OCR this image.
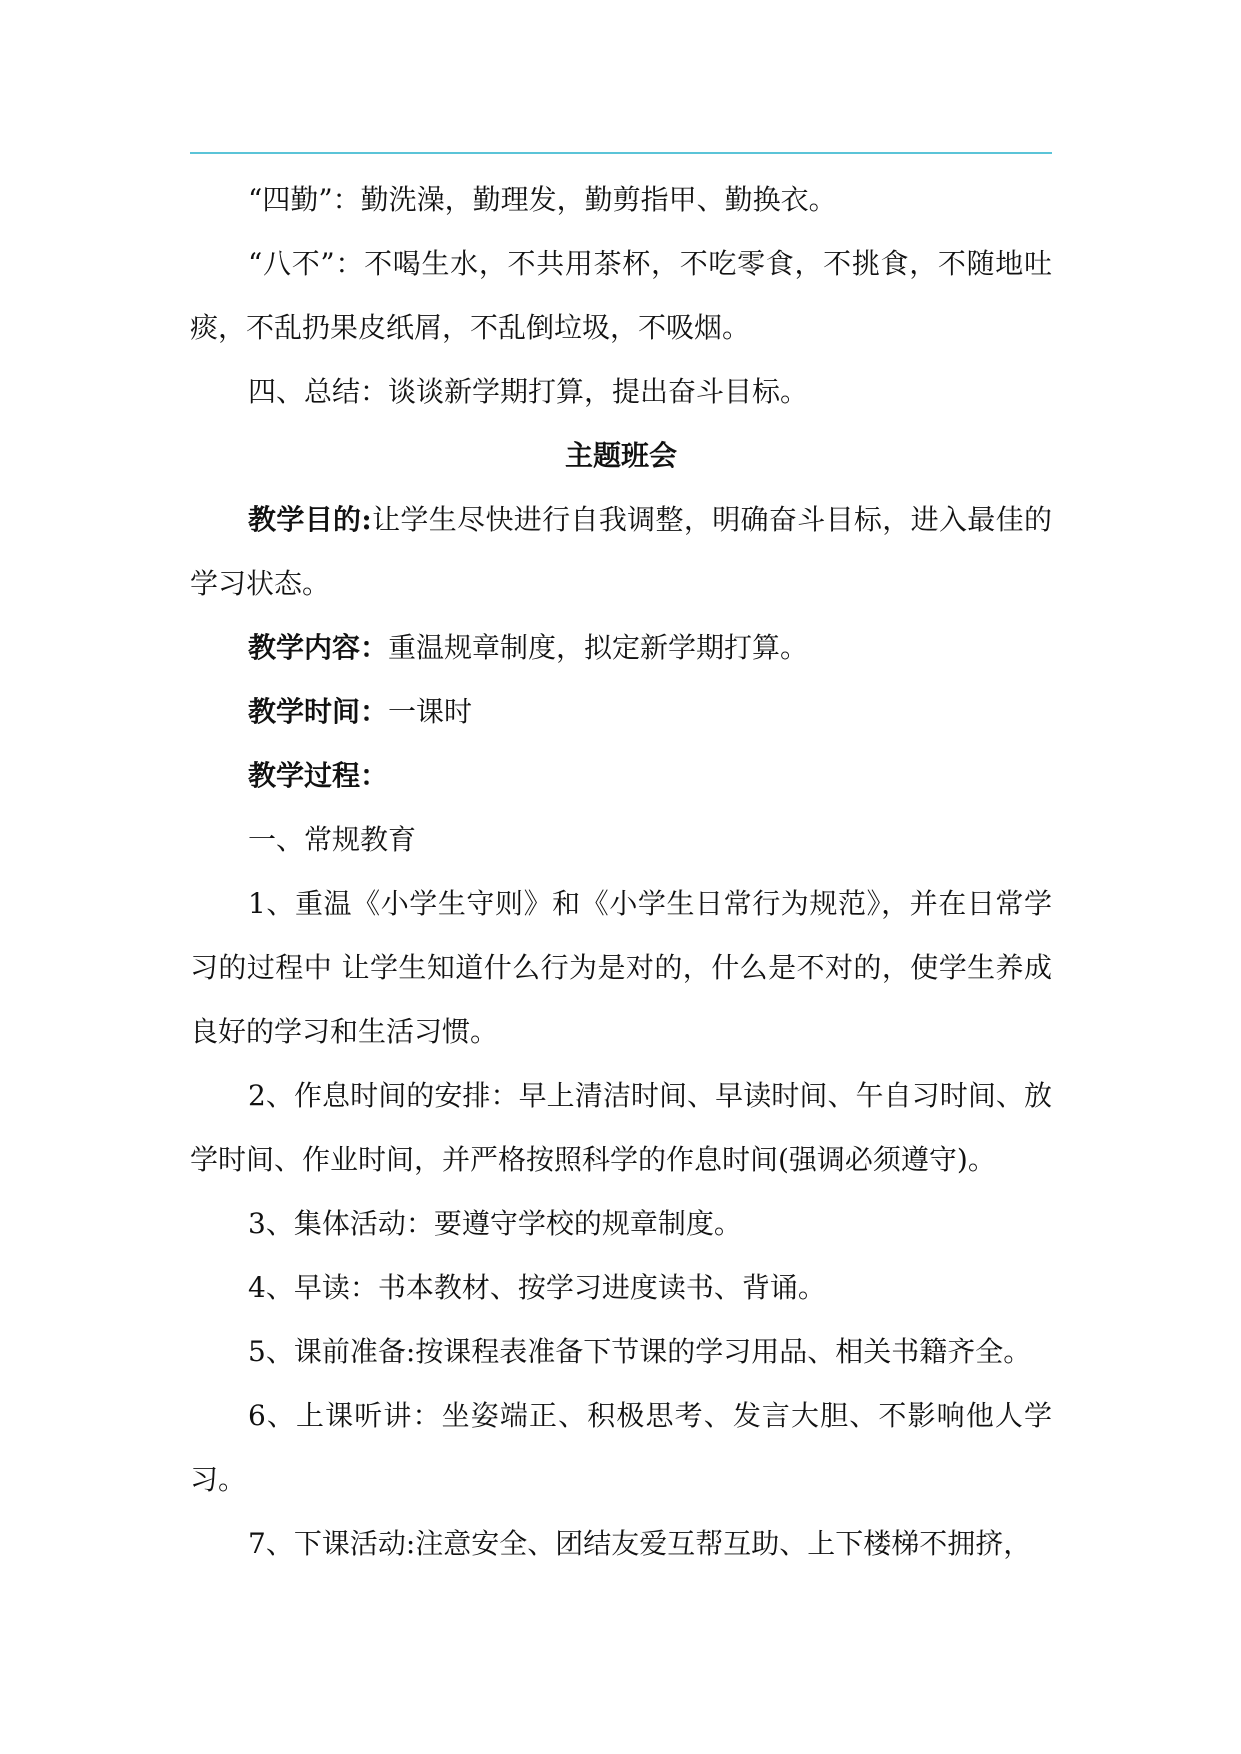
“四勤”：勤洗澡，勤理发，勤剪指甲、勤换衣。

“八不”：不喝生水，不共用茶杯，不吃零食，不挑食，不随地吐痰，不乱扔果皮纸屑，不乱倒垃圾，不吸烟。

四、总结：谈谈新学期打算，提出奋斗目标。

主题班会

教学目的:让学生尽快进行自我调整，明确奋斗目标，进入最佳的学习状态。

教学内容：重温规章制度，拟定新学期打算。

教学时间：一课时

教学过程：

一、常规教育

1、重温《小学生守则》和《小学生日常行为规范》，并在日常学习的过程中 让学生知道什么行为是对的，什么是不对的，使学生养成良好的学习和生活习惯。

2、作息时间的安排：早上清洁时间、早读时间、午自习时间、放学时间、作业时间，并严格按照科学的作息时间(强调必须遵守)。

3、集体活动：要遵守学校的规章制度。

4、早读：书本教材、按学习进度读书、背诵。

5、课前准备:按课程表准备下节课的学习用品、相关书籍齐全。

6、上课听讲：坐姿端正、积极思考、发言大胆、不影响他人学习。

7、下课活动:注意安全、团结友爱互帮互助、上下楼梯不拥挤，
